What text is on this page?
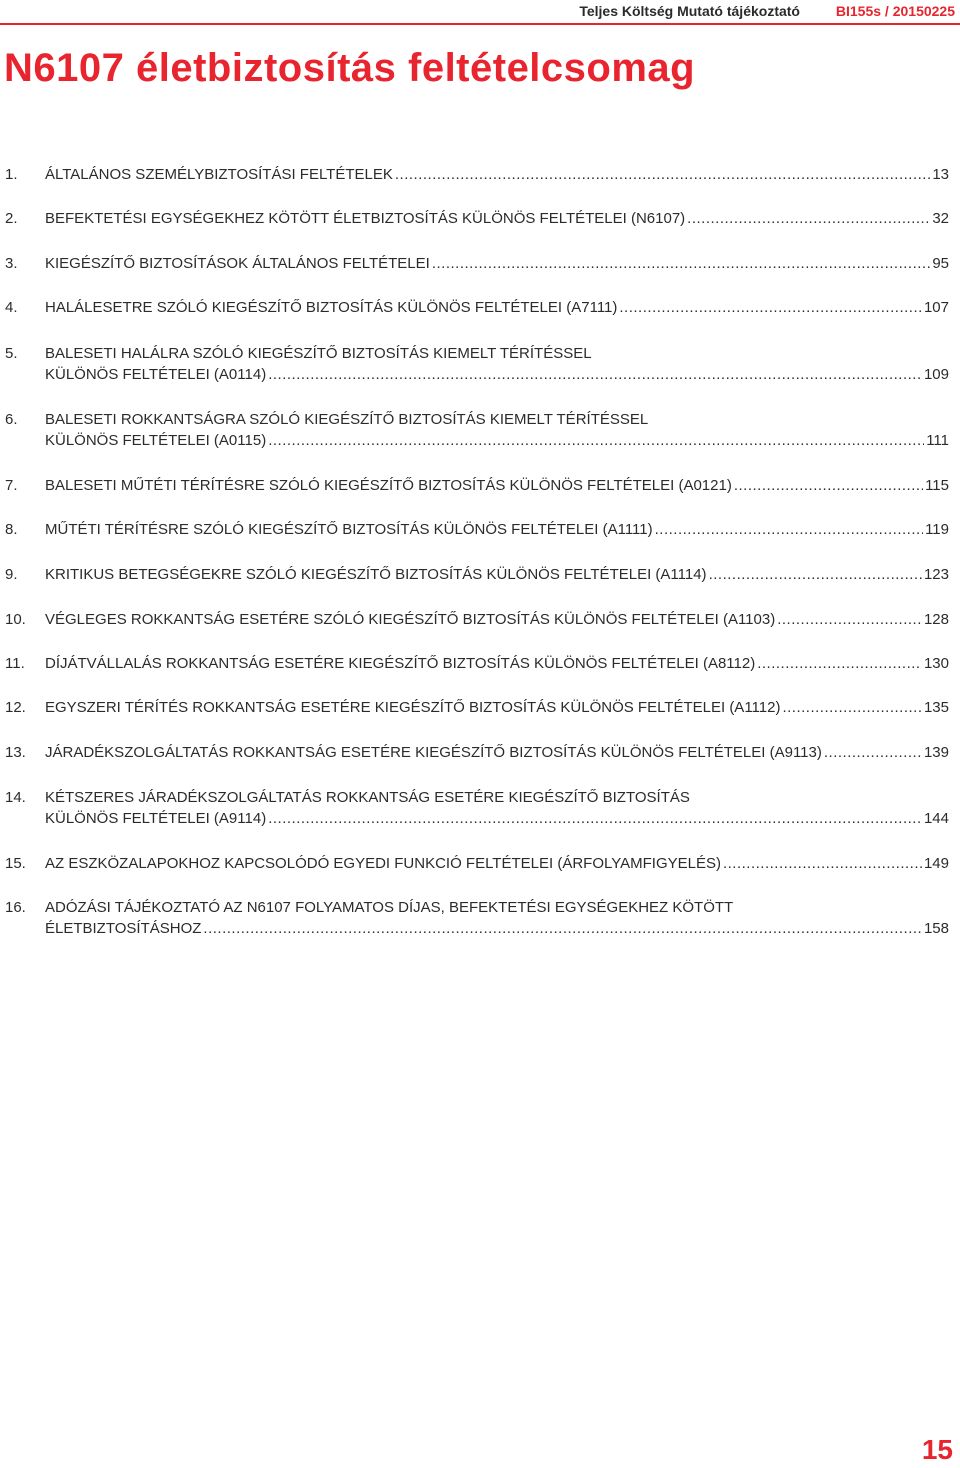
Teljes Költség Mutató tájékoztató	BI155s / 20150225
N6107 életbiztosítás feltételcsomag
1. ÁLTALÁNOS SZEMÉLYBIZTOSÍTÁSI FELTÉTELEK .....	13
2. BEFEKTETÉSI EGYSÉGEKHEZ KÖTÖTT ÉLETBIZTOSÍTÁS KÜLÖNÖS FELTÉTELEI (N6107) .....	32
3. KIEGÉSZÍTŐ BIZTOSÍTÁSOK ÁLTALÁNOS FELTÉTELEI .....	95
4. HALÁLESETRE SZÓLÓ KIEGÉSZÍTŐ BIZTOSÍTÁS KÜLÖNÖS FELTÉTELEI (A7111) .....	107
5. BALESETI HALÁLRA SZÓLÓ KIEGÉSZÍTŐ BIZTOSÍTÁS KIEMELT TÉRÍTÉSSEL
KÜLÖNÖS FELTÉTELEI (A0114) .....	109
6. BALESETI ROKKANTSÁGRA SZÓLÓ KIEGÉSZÍTŐ BIZTOSÍTÁS KIEMELT TÉRÍTÉSSEL
KÜLÖNÖS FELTÉTELEI (A0115) .....	111
7. BALESETI MŰTÉTI TÉRÍTÉSRE SZÓLÓ KIEGÉSZÍTŐ BIZTOSÍTÁS KÜLÖNÖS FELTÉTELEI (A0121) .....	115
8. MŰTÉTI TÉRÍTÉSRE SZÓLÓ KIEGÉSZÍTŐ BIZTOSÍTÁS KÜLÖNÖS FELTÉTELEI (A1111) .....	119
9. KRITIKUS BETEGSÉGEKRE SZÓLÓ KIEGÉSZÍTŐ BIZTOSÍTÁS KÜLÖNÖS FELTÉTELEI (A1114) .....	123
10. VÉGLEGES ROKKANTSÁG ESETÉRE SZÓLÓ KIEGÉSZÍTŐ BIZTOSÍTÁS KÜLÖNÖS FELTÉTELEI (A1103) .....	128
11. DÍJÁTVÁLLALÁS ROKKANTSÁG ESETÉRE KIEGÉSZÍTŐ BIZTOSÍTÁS KÜLÖNÖS FELTÉTELEI (A8112) .....	130
12. EGYSZERI TÉRÍTÉS ROKKANTSÁG ESETÉRE KIEGÉSZÍTŐ BIZTOSÍTÁS KÜLÖNÖS FELTÉTELEI (A1112) .....	135
13. JÁRADÉKSZOLGÁLTATÁS ROKKANTSÁG ESETÉRE KIEGÉSZÍTŐ BIZTOSÍTÁS KÜLÖNÖS FELTÉTELEI (A9113) .....	139
14. KÉTSZERES JÁRADÉKSZOLGÁLTATÁS ROKKANTSÁG ESETÉRE KIEGÉSZÍTŐ BIZTOSÍTÁS
KÜLÖNÖS FELTÉTELEI (A9114) .....	144
15. AZ ESZKÖZALAPOKHOZ KAPCSOLÓDÓ EGYEDI FUNKCIÓ FELTÉTELEI (ÁRFOLYAMFIGYELÉS) .....	149
16. ADÓZÁSI TÁJÉKOZTATÓ AZ N6107 FOLYAMATOS DÍJAS, BEFEKTETÉSI EGYSÉGEKHEZ KÖTÖTT
ÉLETBIZTOSÍTÁSHOZ .....	158
15
